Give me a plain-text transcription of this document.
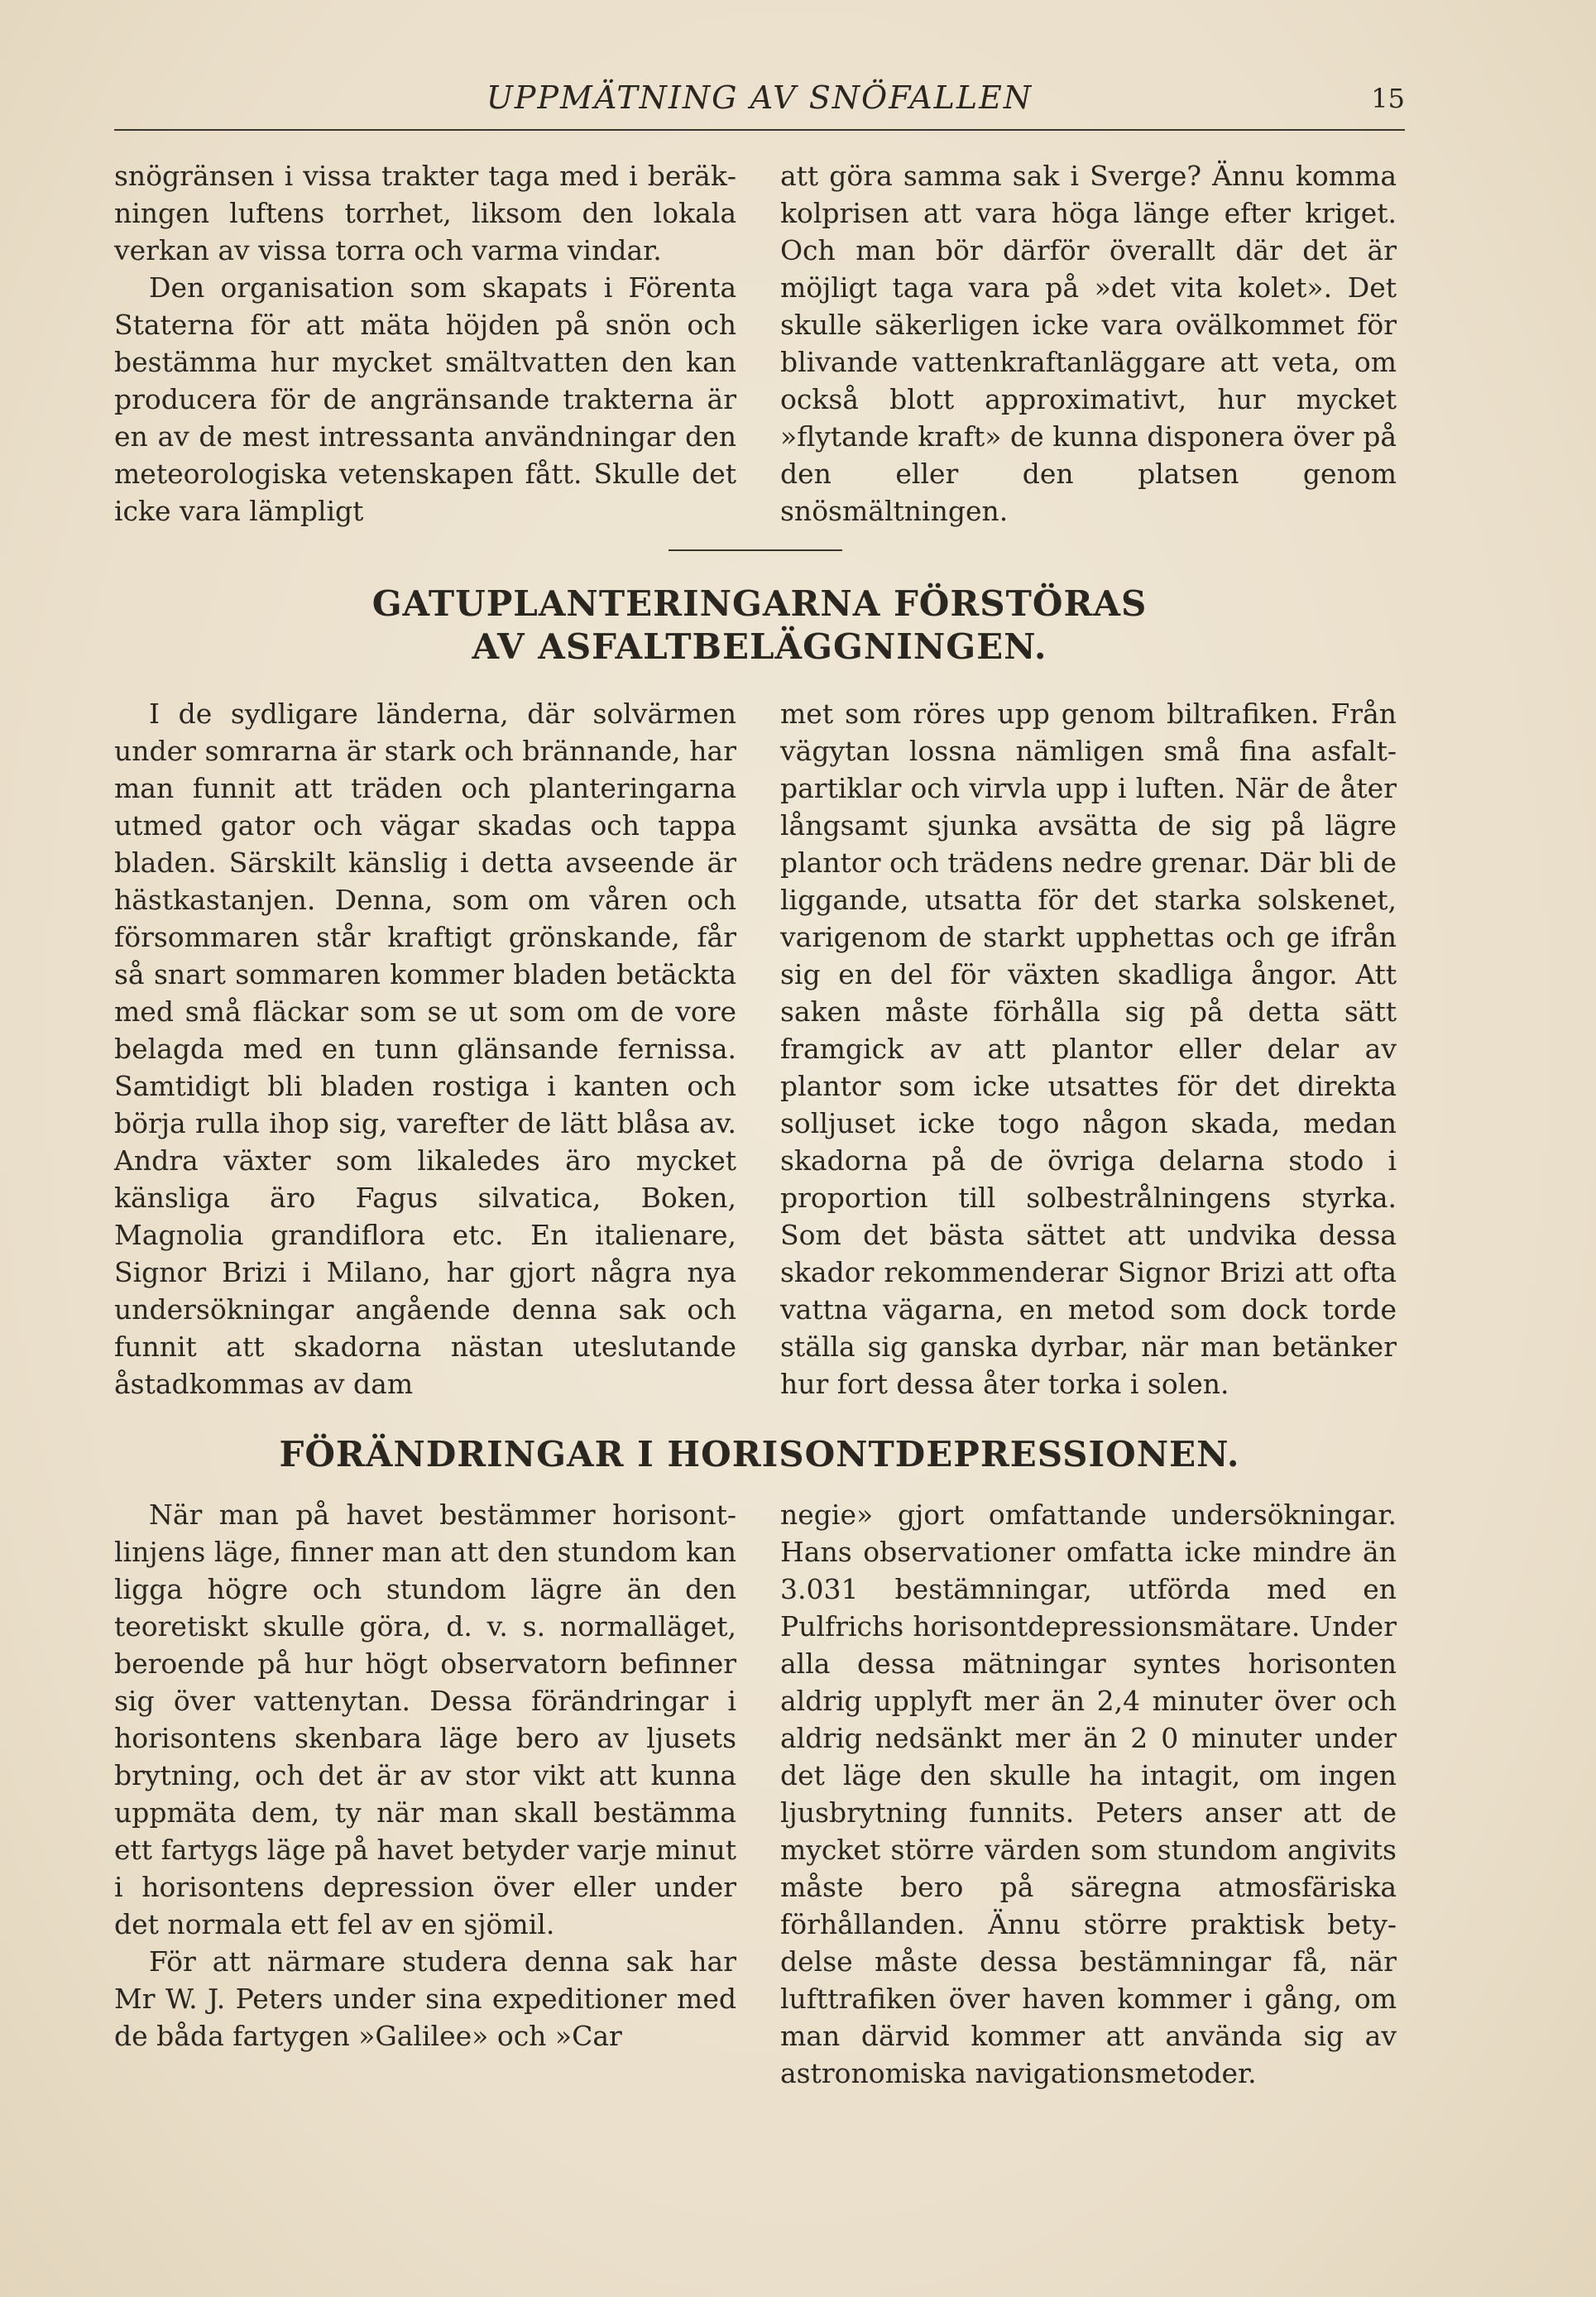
UPPMÄTNING AV SNÖFALLEN	15

snögränsen i vissa trakter taga med i beräkningen luftens torrhet, liksom den lokala verkan av vissa torra och varma vindar.

Den organisation som skapats i Förenta Staterna för att mäta höjden på snön och bestämma hur mycket smältvatten den kan producera för de angränsande trakterna är en av de mest intressanta användningar den meteorologiska vetenskapen fått. Skulle det icke vara lämpligt

att göra samma sak i Sverge? Ännu komma kolprisen att vara höga länge efter kriget. Och man bör därför överallt där det är möjligt taga vara på »det vita kolet». Det skulle säkerligen icke vara ovälkommet för blivande vattenkraftanläggare att veta, om också blott approximativt, hur mycket »flytande kraft» de kunna disponera över på den eller den platsen genom snösmältningen.

GATUPLANTERINGARNA FÖRSTÖRAS
AV ASFALTBELÄGGNINGEN.

I de sydligare länderna, där solvärmen under somrarna är stark och brännande, har man funnit att träden och planteringarna utmed gator och vägar skadas och tappa bladen. Särskilt känslig i detta avseende är hästkastanjen. Denna, som om våren och försommaren står kraftigt grönskande, får så snart sommaren kommer bladen betäckta med små fläckar som se ut som om de vore belagda med en tunn glänsande fernissa. Samtidigt bli bladen rostiga i kanten och börja rulla ihop sig, varefter de lätt blåsa av. Andra växter som likaledes äro mycket känsliga äro Fagus silvatica, Boken, Magnolia grandiflora etc. En italienare, Signor Brizi i Milano, har gjort några nya undersökningar angående denna sak och funnit att skadorna nästan uteslutande åstadkommas av dam

met som röres upp genom biltrafiken. Från vägytan lossna nämligen små fina asfaltpartiklar och virvla upp i luften. När de åter långsamt sjunka avsätta de sig på lägre plantor och trädens nedre grenar. Där bli de liggande, utsatta för det starka solskenet, varigenom de starkt upphettas och ge ifrån sig en del för växten skadliga ångor. Att saken måste förhålla sig på detta sätt framgick av att plantor eller delar av plantor som icke utsattes för det direkta solljuset icke togo någon skada, medan skadorna på de övriga delarna stodo i proportion till solbestrålningens styrka. Som det bästa sättet att undvika dessa skador rekommenderar Signor Brizi att ofta vattna vägarna, en metod som dock torde ställa sig ganska dyrbar, när man betänker hur fort dessa åter torka i solen.

FÖRÄNDRINGAR I HORISONTDEPRESSIONEN.

När man på havet bestämmer horisontlinjens läge, finner man att den stundom kan ligga högre och stundom lägre än den teoretiskt skulle göra, d. v. s. normalläget, beroende på hur högt observatorn befinner sig över vattenytan. Dessa förändringar i horisontens skenbara läge bero av ljusets brytning, och det är av stor vikt att kunna uppmäta dem, ty när man skall bestämma ett fartygs läge på havet betyder varje minut i horisontens depression över eller under det normala ett fel av en sjömil.

För att närmare studera denna sak har Mr W. J. Peters under sina expeditioner med de båda fartygen »Galilee» och »Car

negie» gjort omfattande undersökningar. Hans observationer omfatta icke mindre än 3.031 bestämningar, utförda med en Pulfrichs horisontdepressionsmätare. Under alla dessa mätningar syntes horisonten aldrig upplyft mer än 2,4 minuter över och aldrig nedsänkt mer än 2 0 minuter under det läge den skulle ha intagit, om ingen ljusbrytning funnits. Peters anser att de mycket större värden som stundom angivits måste bero på säregna atmosfäriska förhållanden. Ännu större praktisk betydelse måste dessa bestämningar få, när lufttrafiken över haven kommer i gång, om man därvid kommer att använda sig av astronomiska navigationsmetoder.
